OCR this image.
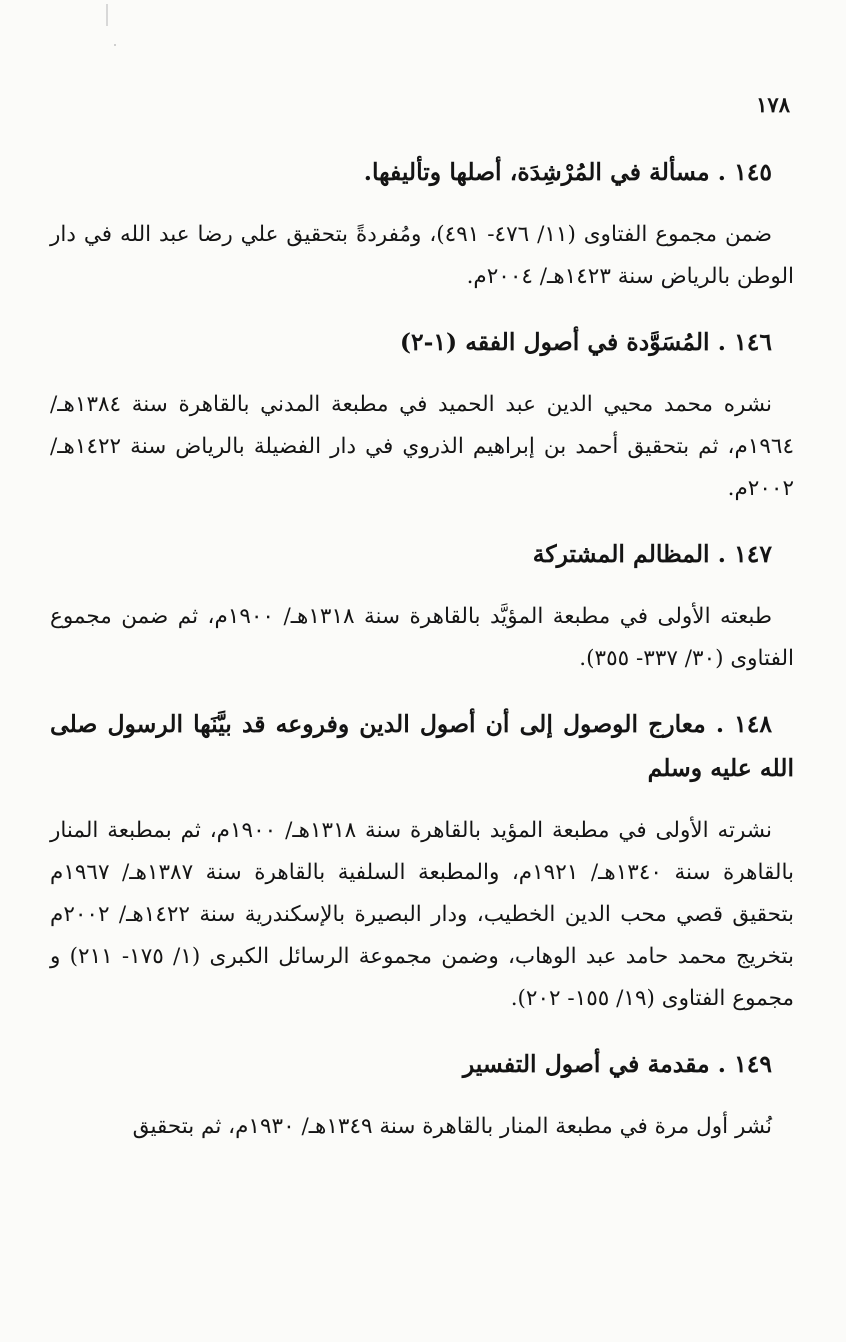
١٧٨

١٤٥ . مسألة في المُرْشِدَة، أصلها وتأليفها.

ضمن مجموع الفتاوى (١١/ ٤٧٦- ٤٩١)، ومُفردةً بتحقيق علي رضا عبد الله في دار الوطن بالرياض سنة ١٤٢٣هـ/ ٢٠٠٤م.

١٤٦ . المُسَوَّدة في أصول الفقه (١-٢)

نشره محمد محيي الدين عبد الحميد في مطبعة المدني بالقاهرة سنة ١٣٨٤هـ/ ١٩٦٤م، ثم بتحقيق أحمد بن إبراهيم الذروي في دار الفضيلة بالرياض سنة ١٤٢٢هـ/ ٢٠٠٢م.

١٤٧ . المظالم المشتركة

طبعته الأولى في مطبعة المؤيَّد بالقاهرة سنة ١٣١٨هـ/ ١٩٠٠م، ثم ضمن مجموع الفتاوى (٣٠/ ٣٣٧- ٣٥٥).

١٤٨ . معارج الوصول إلى أن أصول الدين وفروعه قد بيَّنَها الرسول صلى الله عليه وسلم

نشرته الأولى في مطبعة المؤيد بالقاهرة سنة ١٣١٨هـ/ ١٩٠٠م، ثم بمطبعة المنار بالقاهرة سنة ١٣٤٠هـ/ ١٩٢١م، والمطبعة السلفية بالقاهرة سنة ١٣٨٧هـ/ ١٩٦٧م بتحقيق قصي محب الدين الخطيب، ودار البصيرة بالإسكندرية سنة ١٤٢٢هـ/ ٢٠٠٢م بتخريج محمد حامد عبد الوهاب، وضمن مجموعة الرسائل الكبرى (١/ ١٧٥- ٢١١) و مجموع الفتاوى (١٩/ ١٥٥- ٢٠٢).

١٤٩ . مقدمة في أصول التفسير

نُشر أول مرة في مطبعة المنار بالقاهرة سنة ١٣٤٩هـ/ ١٩٣٠م، ثم بتحقيق
